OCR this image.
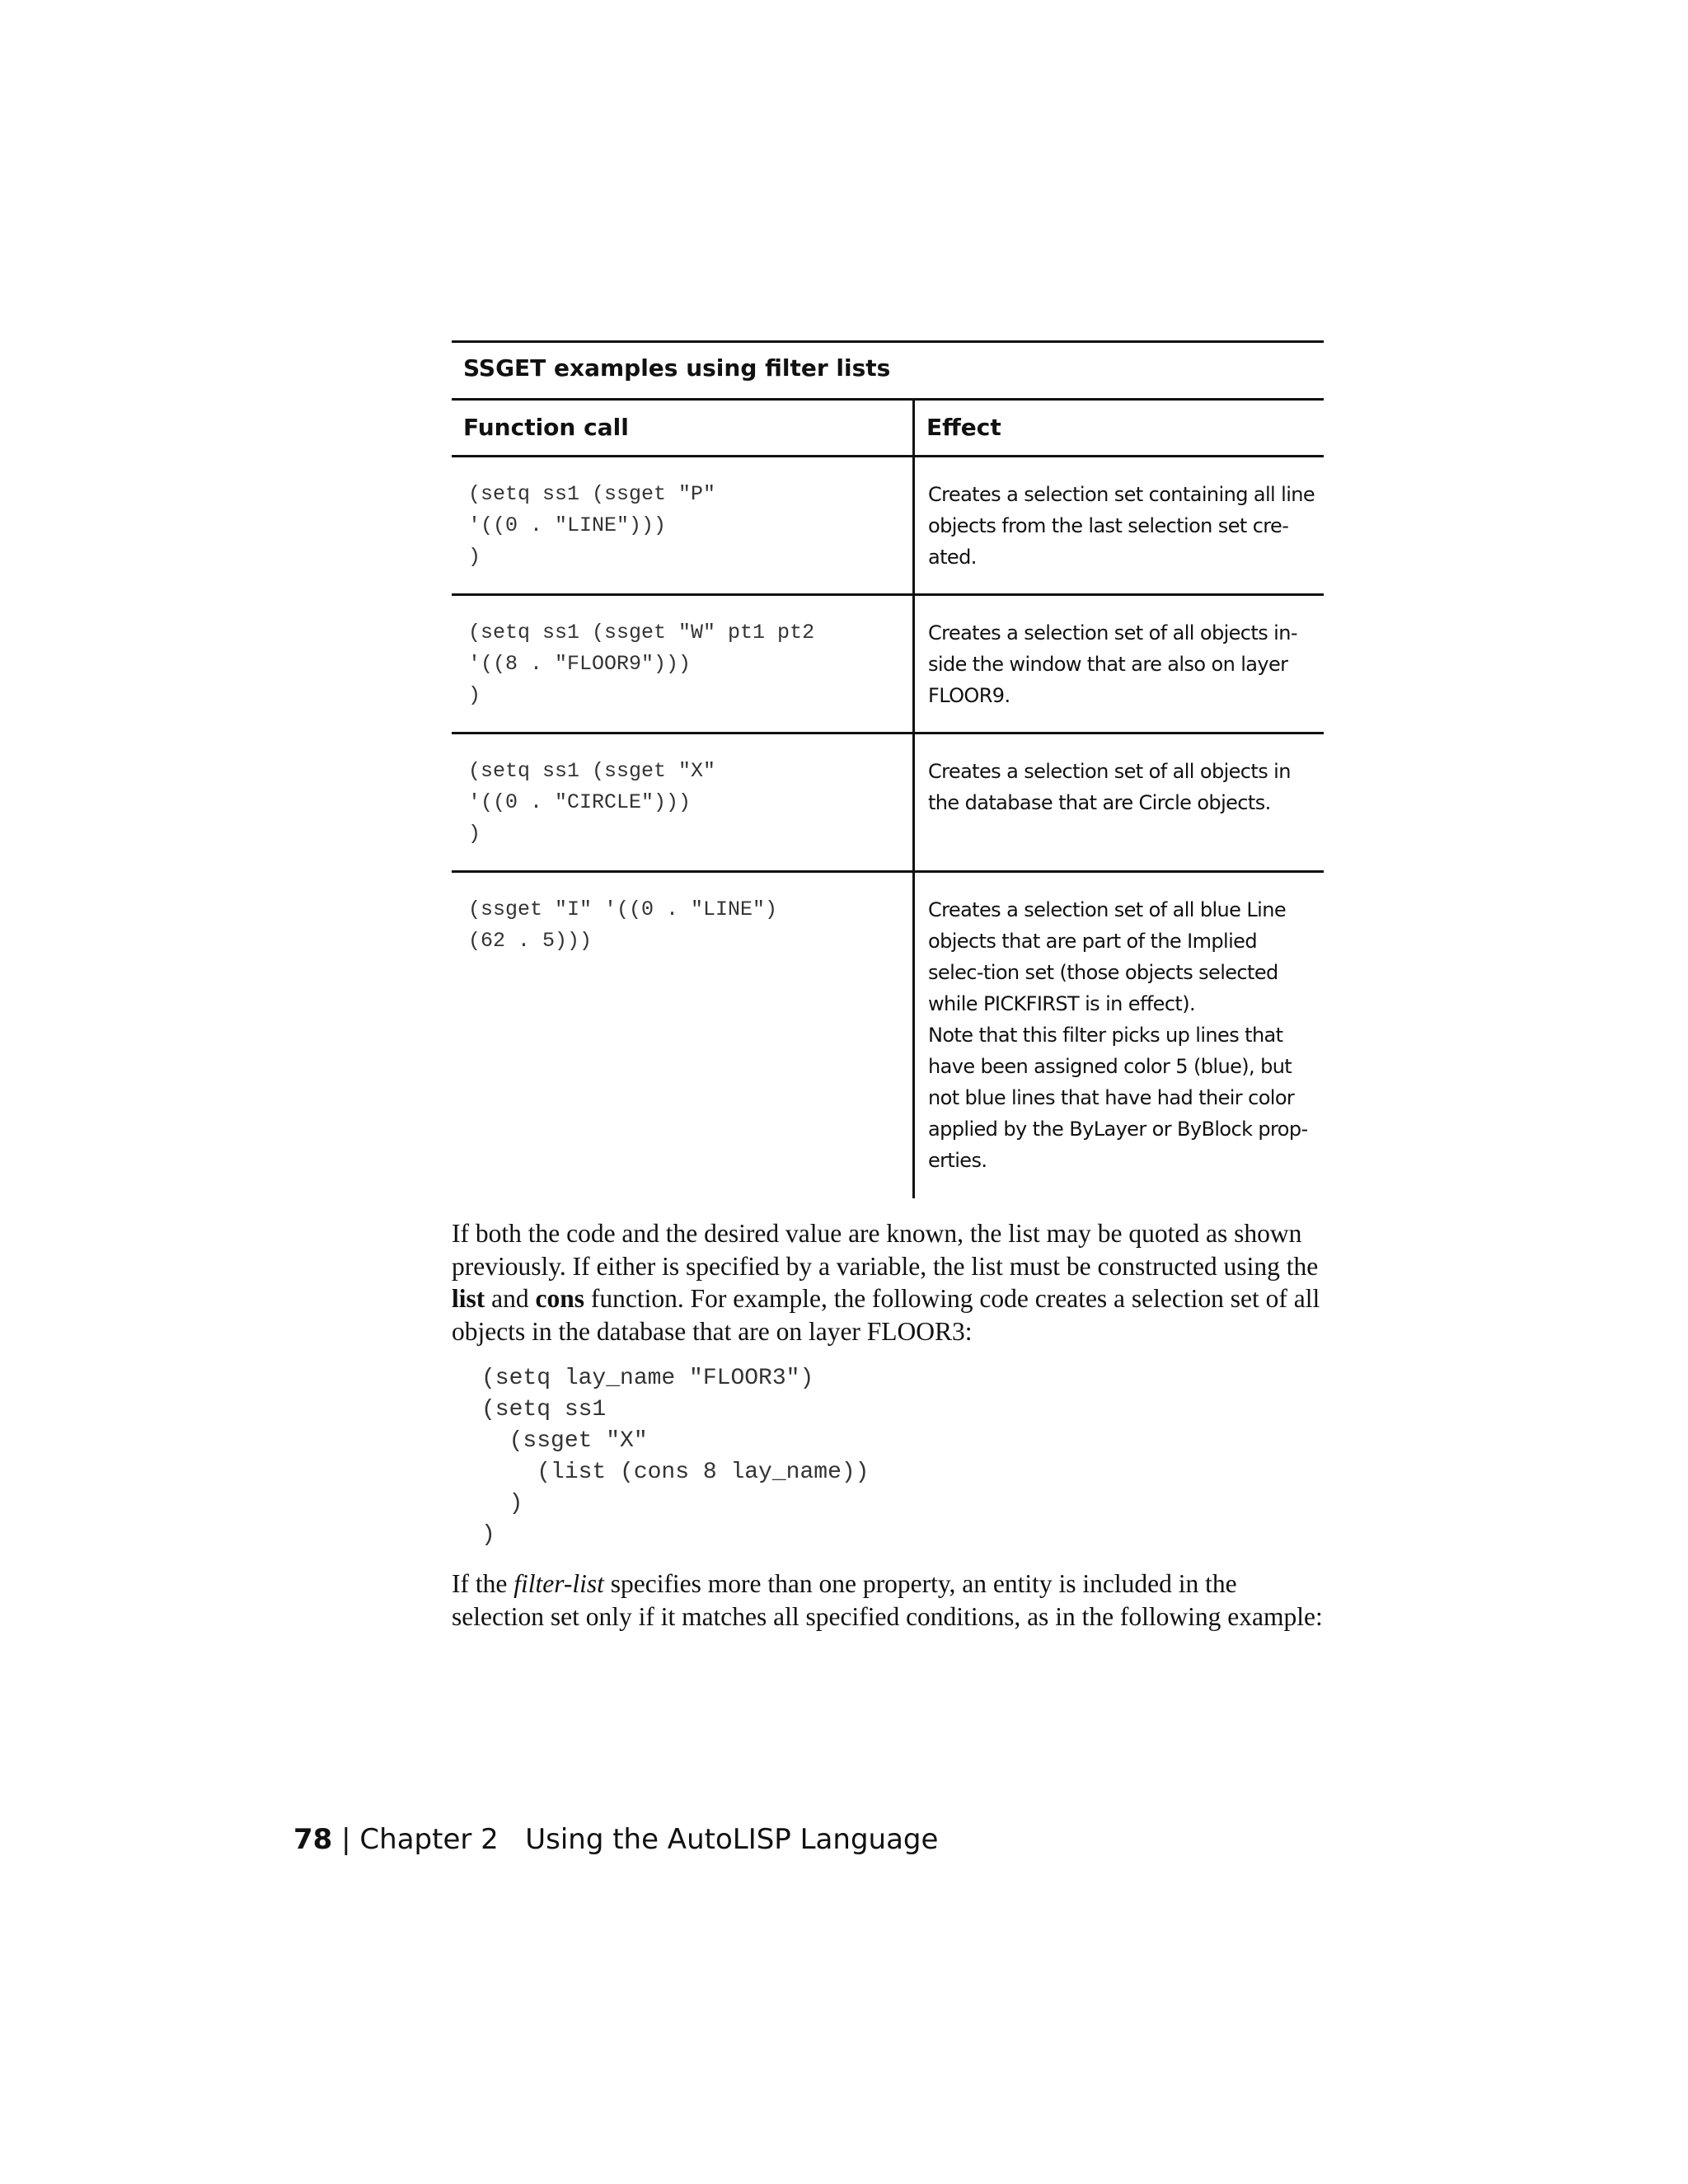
SSGET examples using filter lists
Function call	Effect
(setq ss1 (ssget "P"
'((0 . "LINE")))
)
Creates a selection set containing all line objects from the last selection set cre-ated.
(setq ss1 (ssget "W" pt1 pt2
'((8 . "FLOOR9")))
)
Creates a selection set of all objects in-side the window that are also on layer FLOOR9.
(setq ss1 (ssget "X"
'((0 . "CIRCLE")))
)
Creates a selection set of all objects in the database that are Circle objects.
(ssget "I" '((0 . "LINE")
(62 . 5)))
Creates a selection set of all blue Line objects that are part of the Implied selec-tion set (those objects selected while PICKFIRST is in effect).
Note that this filter picks up lines that have been assigned color 5 (blue), but not blue lines that have had their color applied by the ByLayer or ByBlock prop-erties.

If both the code and the desired value are known, the list may be quoted as shown previously. If either is specified by a variable, the list must be constructed using the list and cons function. For example, the following code creates a selection set of all objects in the database that are on layer FLOOR3:

(setq lay_name "FLOOR3")
(setq ss1
(ssget "X"
(list (cons 8 lay_name))
)
)

If the filter-list specifies more than one property, an entity is included in the selection set only if it matches all specified conditions, as in the following example:

78 | Chapter 2 Using the AutoLISP Language
